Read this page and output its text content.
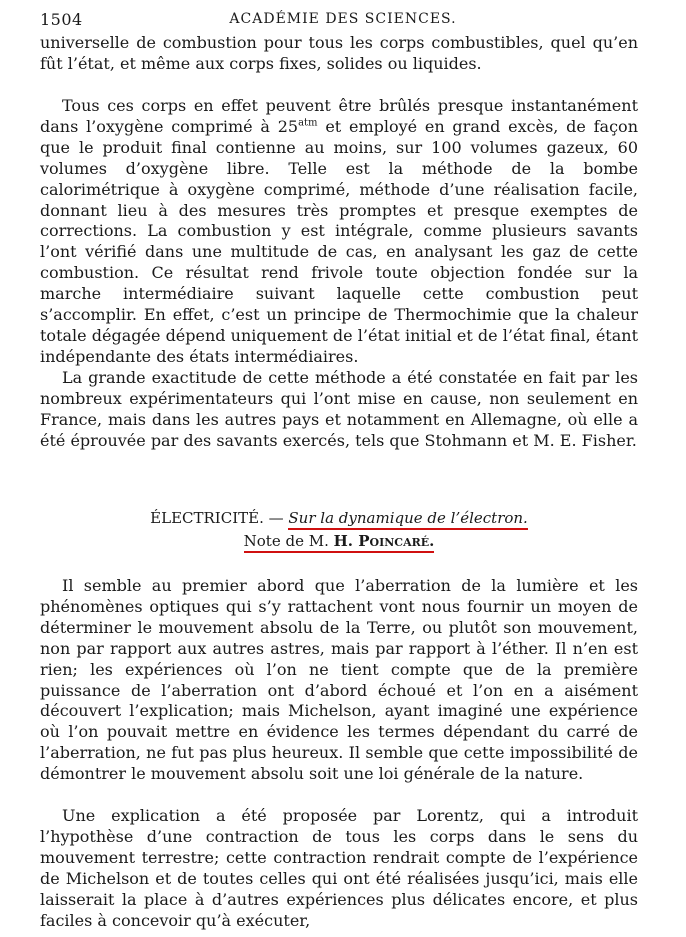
1504	ACADÉMIE DES SCIENCES.

universelle de combustion pour tous les corps combustibles, quel qu’en fût l’état, et même aux corps fixes, solides ou liquides.

Tous ces corps en effet peuvent être brûlés presque instantanément dans l’oxygène comprimé à $25^{atm}$ et employé en grand excès, de façon que le produit final contienne au moins, sur 100 volumes gazeux, 60 volumes d’oxygène libre. Telle est la méthode de la bombe calorimétrique à oxygène comprimé, méthode d’une réalisation facile, donnant lieu à des mesures très promptes et presque exemptes de corrections. La combustion y est intégrale, comme plusieurs savants l’ont vérifié dans une multitude de cas, en analysant les gaz de cette combustion. Ce résultat rend frivole toute objection fondée sur la marche intermédiaire suivant laquelle cette combustion peut s’accomplir. En effet, c’est un principe de Thermochimie que la chaleur totale dégagée dépend uniquement de l’état initial et de l’état final, étant indépendante des états intermédiaires.

La grande exactitude de cette méthode a été constatée en fait par les nombreux expérimentateurs qui l’ont mise en cause, non seulement en France, mais dans les autres pays et notamment en Allemagne, où elle a été éprouvée par des savants exercés, tels que Stohmann et M. E. Fisher.

ÉLECTRICITÉ. — Sur la dynamique de l’électron.
Note de M. H. Poincaré.

Il semble au premier abord que l’aberration de la lumière et les phénomènes optiques qui s’y rattachent vont nous fournir un moyen de déterminer le mouvement absolu de la Terre, ou plutôt son mouvement, non par rapport aux autres astres, mais par rapport à l’éther. Il n’en est rien; les expériences où l’on ne tient compte que de la première puissance de l’aberration ont d’abord échoué et l’on en a aisément découvert l’explication; mais Michelson, ayant imaginé une expérience où l’on pouvait mettre en évidence les termes dépendant du carré de l’aberration, ne fut pas plus heureux. Il semble que cette impossibilité de démontrer le mouvement absolu soit une loi générale de la nature.

Une explication a été proposée par Lorentz, qui a introduit l’hypothèse d’une contraction de tous les corps dans le sens du mouvement terrestre; cette contraction rendrait compte de l’expérience de Michelson et de toutes celles qui ont été réalisées jusqu’ici, mais elle laisserait la place à d’autres expériences plus délicates encore, et plus faciles à concevoir qu’à exécuter,
